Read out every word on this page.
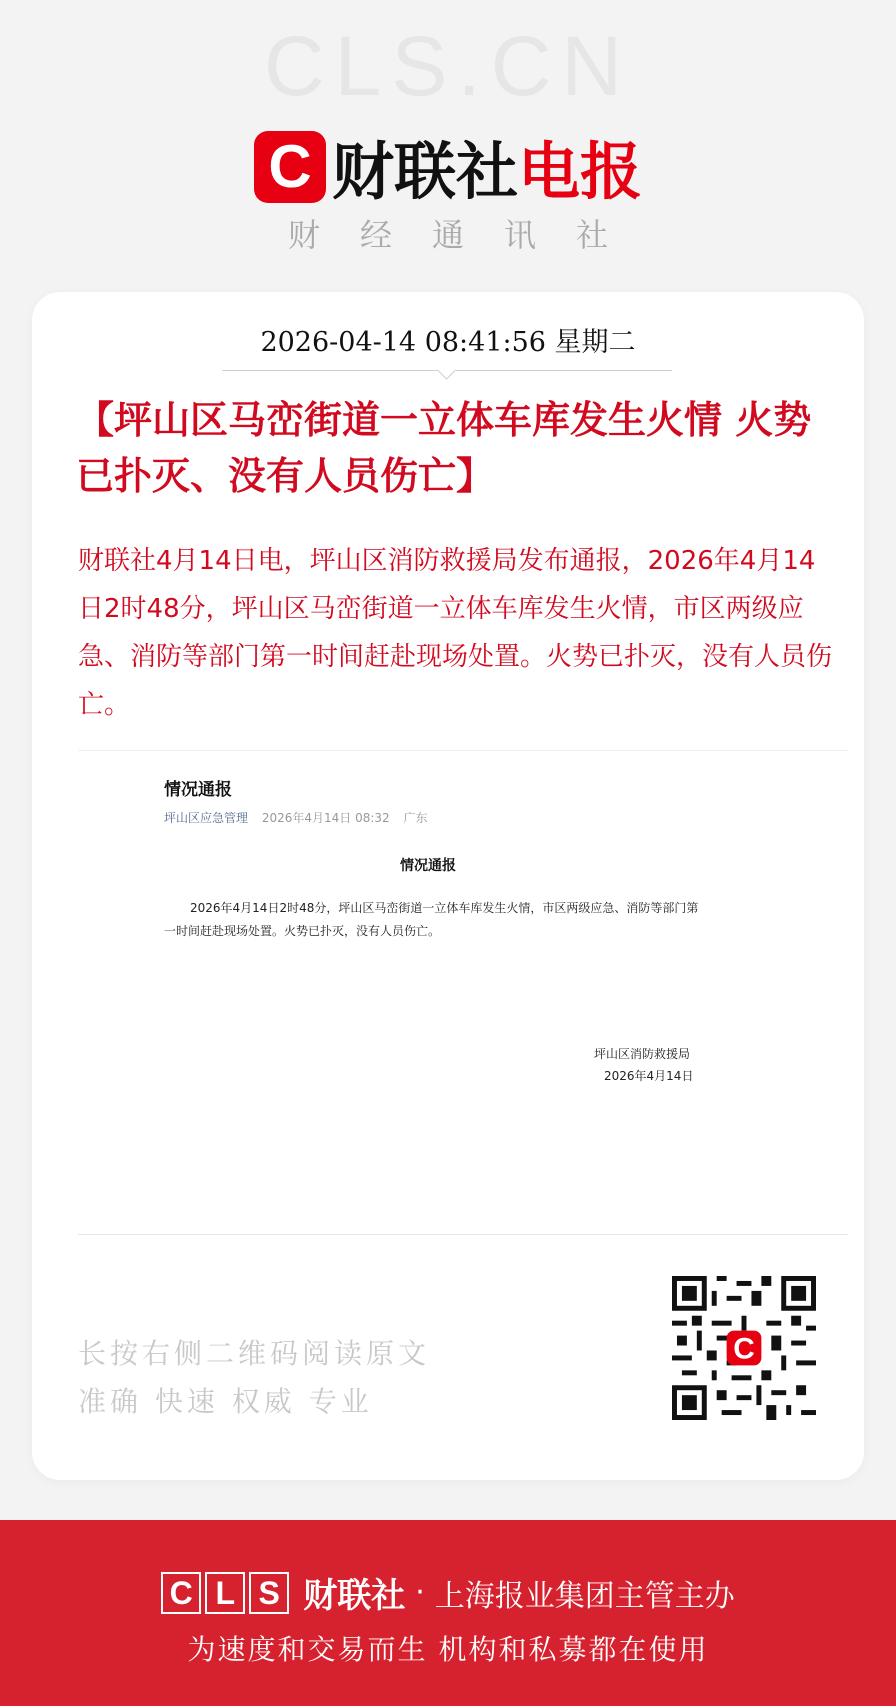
CLS.CN
C 财联社 电报
财经通讯社
2026-04-14 08:41:56 星期二
【坪山区马峦街道一立体车库发生火情 火势已扑灭、没有人员伤亡】
财联社4月14日电，坪山区消防救援局发布通报，2026年4月14日2时48分，坪山区马峦街道一立体车库发生火情，市区两级应急、消防等部门第一时间赶赴现场处置。火势已扑灭，没有人员伤亡。
情况通报
坪山区应急管理 2026年4月14日 08:32 广东
情况通报
2026年4月14日2时48分，坪山区马峦街道一立体车库发生火情，市区两级应急、消防等部门第一时间赶赴现场处置。火势已扑灭，没有人员伤亡。
坪山区消防救援局
2026年4月14日
长按右侧二维码阅读原文
准确 快速 权威 专业
C
C L S 财联社 · 上海报业集团主管主办
为速度和交易而生 机构和私募都在使用
